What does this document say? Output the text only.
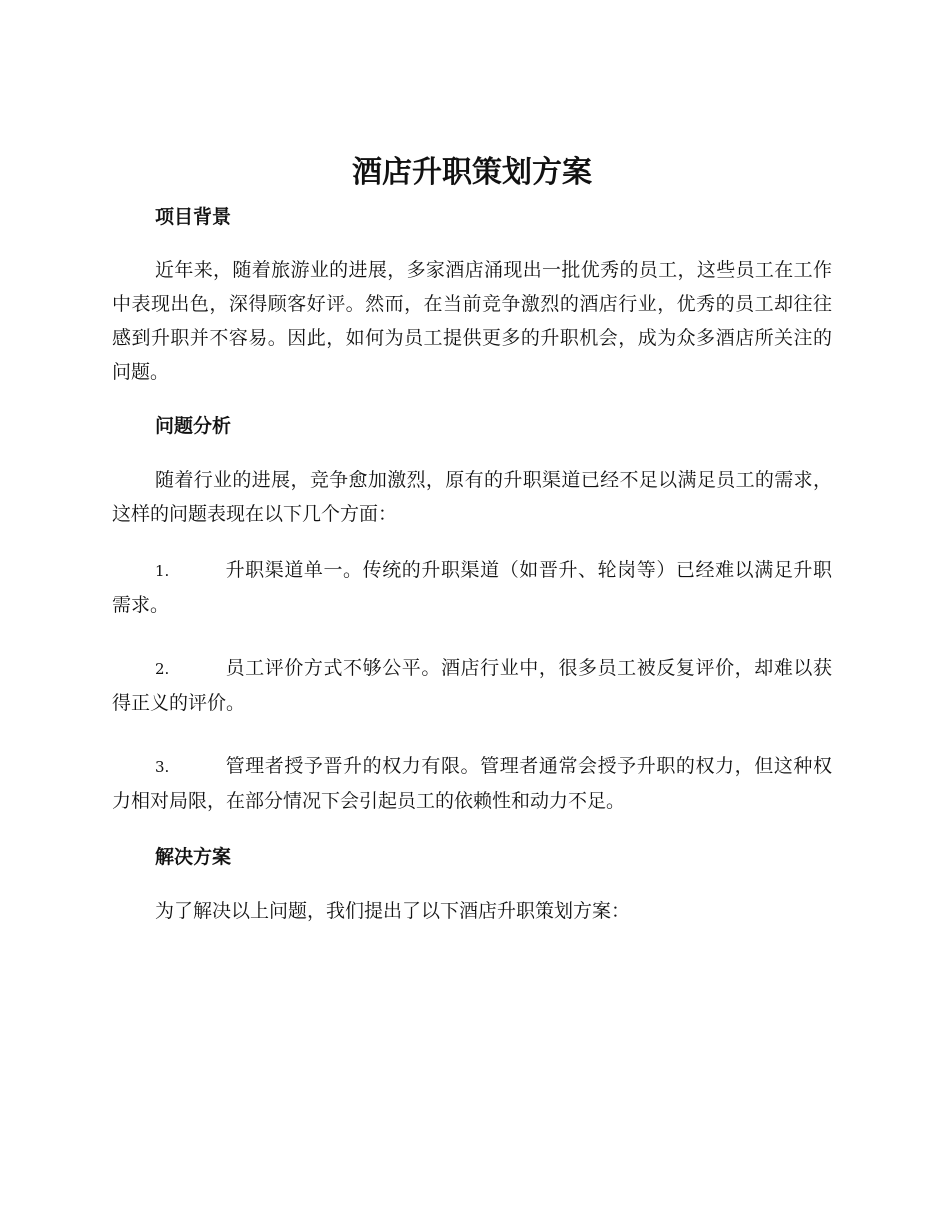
酒店升职策划方案
项目背景

近年来，随着旅游业的进展，多家酒店涌现出一批优秀的员工，这些员工在工作中表现出色，深得顾客好评。然而，在当前竞争激烈的酒店行业，优秀的员工却往往感到升职并不容易。因此，如何为员工提供更多的升职机会，成为众多酒店所关注的问题。

问题分析

随着行业的进展，竞争愈加激烈，原有的升职渠道已经不足以满足员工的需求，这样的问题表现在以下几个方面：

1.	升职渠道单一。传统的升职渠道（如晋升、轮岗等）已经难以满足升职需求。

2.	员工评价方式不够公平。酒店行业中，很多员工被反复评价，却难以获得正义的评价。

3.	管理者授予晋升的权力有限。管理者通常会授予升职的权力，但这种权力相对局限，在部分情况下会引起员工的依赖性和动力不足。

解决方案

为了解决以上问题，我们提出了以下酒店升职策划方案：
